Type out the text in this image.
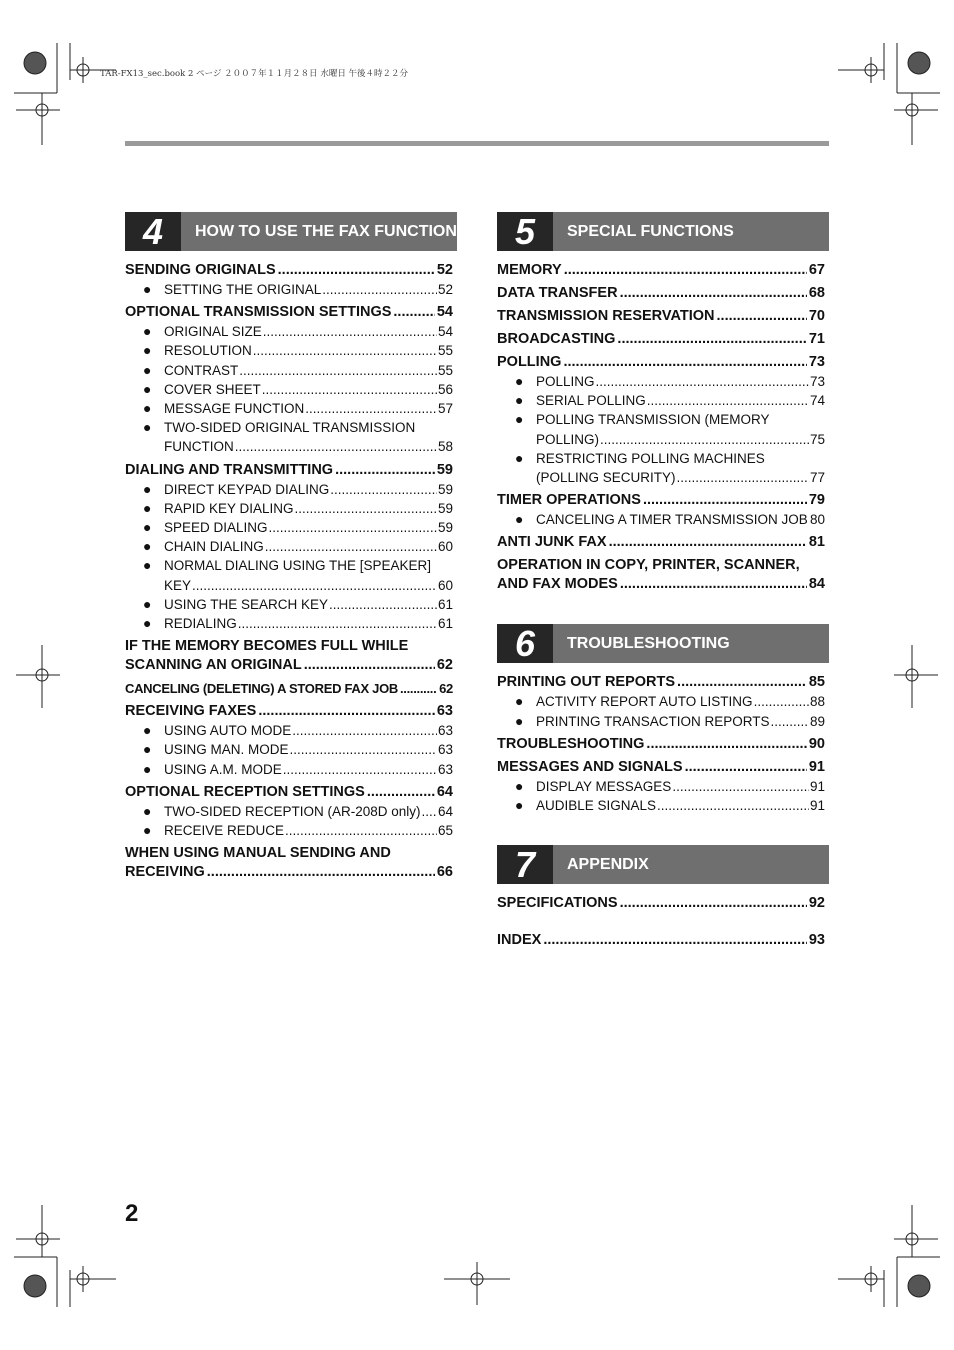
TAR-FX13_sec.book 2 ページ ２００７年１１月２８日 水曜日 午後４時２２分
4	HOW TO USE THE FAX FUNCTION
SENDING ORIGINALS .....	52
● SETTING THE ORIGINAL .....	52
OPTIONAL TRANSMISSION SETTINGS .....	54
● ORIGINAL SIZE .....	54
● RESOLUTION .....	55
● CONTRAST .....	55
● COVER SHEET .....	56
● MESSAGE FUNCTION .....	57
● TWO-SIDED ORIGINAL TRANSMISSION
FUNCTION .....	58
DIALING AND TRANSMITTING .....	59
● DIRECT KEYPAD DIALING .....	59
● RAPID KEY DIALING .....	59
● SPEED DIALING .....	59
● CHAIN DIALING .....	60
● NORMAL DIALING USING THE [SPEAKER]
KEY .....	60
● USING THE SEARCH KEY .....	61
● REDIALING .....	61
IF THE MEMORY BECOMES FULL WHILE
SCANNING AN ORIGINAL .....	62
CANCELING (DELETING) A STORED FAX JOB .....	62
RECEIVING FAXES .....	63
● USING AUTO MODE .....	63
● USING MAN. MODE .....	63
● USING A.M. MODE .....	63
OPTIONAL RECEPTION SETTINGS .....	64
● TWO-SIDED RECEPTION (AR-208D only) ..... 64
● RECEIVE REDUCE .....	65
WHEN USING MANUAL SENDING AND
RECEIVING .....	66
5	SPECIAL FUNCTIONS
MEMORY .....	67
DATA TRANSFER .....	68
TRANSMISSION RESERVATION .....	70
BROADCASTING .....	71
POLLING .....	73
● POLLING .....	73
● SERIAL POLLING .....	74
● POLLING TRANSMISSION (MEMORY
POLLING) .....	75
● RESTRICTING POLLING MACHINES
(POLLING SECURITY) .....	77
TIMER OPERATIONS .....	79
● CANCELING A TIMER TRANSMISSION JOB ..... 80
ANTI JUNK FAX .....	81
OPERATION IN COPY, PRINTER, SCANNER,
AND FAX MODES .....	84
6	TROUBLESHOOTING
PRINTING OUT REPORTS .....	85
● ACTIVITY REPORT AUTO LISTING .....	88
● PRINTING TRANSACTION REPORTS .....	89
TROUBLESHOOTING .....	90
MESSAGES AND SIGNALS .....	91
● DISPLAY MESSAGES .....	91
● AUDIBLE SIGNALS .....	91
7	APPENDIX
SPECIFICATIONS .....	92
INDEX .....	93
2
